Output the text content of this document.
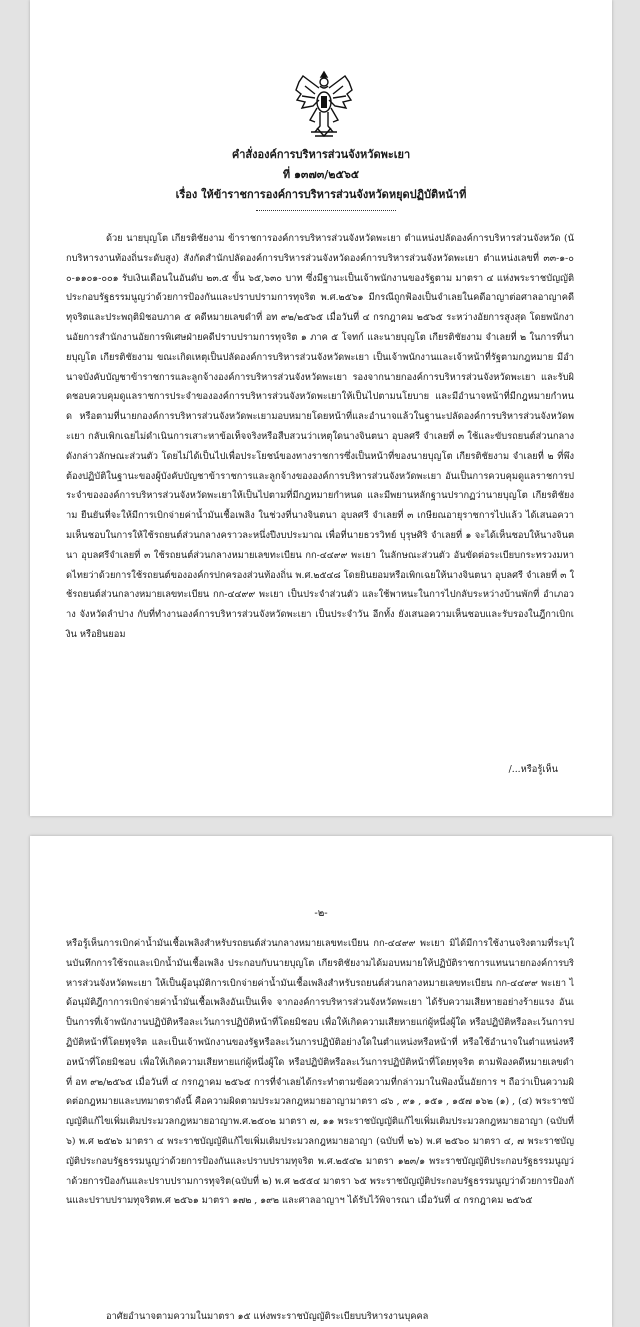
คำสั่งองค์การบริหารส่วนจังหวัดพะเยา
ที่ ๑๓๗๓/๒๕๖๕
เรื่อง ให้ข้าราชการองค์การบริหารส่วนจังหวัดหยุดปฏิบัติหน้าที่

ด้วย นายบุญโต เกียรติชัยงาม ข้าราชการองค์การบริหารส่วนจังหวัดพะเยา ตำแหน่งปลัดองค์การบริหารส่วนจังหวัด (นักบริหารงานท้องถิ่นระดับสูง) สังกัดสำนักปลัดองค์การบริหารส่วนจังหวัดองค์การบริหารส่วนจังหวัดพะเยา ตำแหน่งเลขที่ ๓๓-๑-๐๐-๑๑๐๑-๐๐๑ รับเงินเดือนในอันดับ ๒๓.๕ ขั้น ๖๕,๖๓๐ บาท ซึ่งมีฐานะเป็นเจ้าพนักงานของรัฐตาม มาตรา ๔ แห่งพระราชบัญญัติประกอบรัฐธรรมนูญว่าด้วยการป้องกันและปราบปรามการทุจริต พ.ศ.๒๕๖๑ มีกรณีถูกฟ้องเป็นจำเลยในคดีอาญาต่อศาลอาญาคดีทุจริตและประพฤติมิชอบภาค ๕ คดีหมายเลขดำที่ อท ๙๒/๒๕๖๕ เมื่อวันที่ ๔ กรกฎาคม ๒๕๖๕ ระหว่างอัยการสูงสุด โดยพนักงานอัยการสำนักงานอัยการพิเศษฝ่ายคดีปราบปรามการทุจริต ๑ ภาค ๕ โจทก์ และนายบุญโต เกียรติชัยงาม จำเลยที่ ๒ ในการที่นายบุญโต เกียรติชัยงาม ขณะเกิดเหตุเป็นปลัดองค์การบริหารส่วนจังหวัดพะเยา เป็นเจ้าพนักงานและเจ้าหน้าที่รัฐตามกฎหมาย มีอำนาจบังคับบัญชาข้าราชการและลูกจ้างองค์การบริหารส่วนจังหวัดพะเยา รองจากนายกองค์การบริหารส่วนจังหวัดพะเยา และรับผิดชอบควบคุมดูแลราชการประจำขององค์การบริหารส่วนจังหวัดพะเยาให้เป็นไปตามนโยบาย และมีอำนาจหน้าที่มีกฎหมายกำหนด หรือตามที่นายกองค์การบริหารส่วนจังหวัดพะเยามอบหมายโดยหน้าที่และอำนาจแล้วในฐานะปลัดองค์การบริหารส่วนจังหวัดพะเยา กลับเพิกเฉยไม่ดำเนินการเสาะหาข้อเท็จจริงหรือสืบสวนว่าเหตุใดนางจินตนา อุบลศรี จำเลยที่ ๓ ใช้และขับรถยนต์ส่วนกลางดังกล่าวลักษณะส่วนตัว โดยไม่ได้เป็นไปเพื่อประโยชน์ของทางราชการซึ่งเป็นหน้าที่ของนายบุญโต เกียรติชัยงาม จำเลยที่ ๒ ที่พึงต้องปฏิบัติในฐานะของผู้บังคับบัญชาข้าราชการและลูกจ้างขององค์การบริหารส่วนจังหวัดพะเยา อันเป็นการควบคุมดูแลราชการประจำขององค์การบริหารส่วนจังหวัดพะเยาให้เป็นไปตามที่มีกฎหมายกำหนด และมีพยานหลักฐานปรากฏว่านายบุญโต เกียรติชัยงาม ยืนยันที่จะให้มีการเบิกจ่ายค่าน้ำมันเชื้อเพลิง ในช่วงที่นางจินตนา อุบลศรี จำเลยที่ ๓ เกษียณอายุราชการไปแล้ว ได้เสนอความเห็นชอบในการให้ใช้รถยนต์ส่วนกลางคราวละหนึ่งปีงบประมาณ เพื่อที่นายธวรวิทย์ บุรุษศิริ จำเลยที่ ๑ จะได้เห็นชอบให้นางจินตนา อุบลศรีจำเลยที่ ๓ ใช้รถยนต์ส่วนกลางหมายเลขทะเบียน กก-๔๔๙๙ พะเยา ในลักษณะส่วนตัว อันขัดต่อระเบียบกระทรวงมหาดไทยว่าด้วยการใช้รถยนต์ขององค์กรปกครองส่วนท้องถิ่น พ.ศ.๒๕๔๘ โดยยินยอมหรือเพิกเฉยให้นางจินตนา อุบลศรี จำเลยที่ ๓ ใช้รถยนต์ส่วนกลางหมายเลขทะเบียน กก-๔๔๙๙ พะเยา เป็นประจำส่วนตัว และใช้พาหนะในการไปกลับระหว่างบ้านพักที่ อำเภอวาง จังหวัดลำปาง กับที่ทำงานองค์การบริหารส่วนจังหวัดพะเยา เป็นประจำวัน อีกทั้ง ยังเสนอความเห็นชอบและรับรองในฎีกาเบิกเงิน หรือยินยอม

/...หรือรู้เห็น
-๒-

หรือรู้เห็นการเบิกค่าน้ำมันเชื้อเพลิงสำหรับรถยนต์ส่วนกลางหมายเลขทะเบียน กก-๔๔๙๙ พะเยา มิได้มีการใช้งานจริงตามที่ระบุในบันทึกการใช้รถและเบิกน้ำมันเชื้อเพลิง ประกอบกับนายบุญโต เกียรติชัยงามได้มอบหมายให้ปฏิบัติราชการแทนนายกองค์การบริหารส่วนจังหวัดพะเยา ให้เป็นผู้อนุมัติการเบิกจ่ายค่าน้ำมันเชื้อเพลิงสำหรับรถยนต์ส่วนกลางหมายเลขทะเบียน กก-๔๔๙๙ พะเยา ได้อนุมัติฎีกาการเบิกจ่ายค่าน้ำมันเชื้อเพลิงอันเป็นเท็จ จากองค์การบริหารส่วนจังหวัดพะเยา ได้รับความเสียหายอย่างร้ายแรง อันเป็นการที่เจ้าพนักงานปฏิบัติหรือละเว้นการปฏิบัติหน้าที่โดยมิชอบ เพื่อให้เกิดความเสียหายแก่ผู้หนึ่งผู้ใด หรือปฏิบัติหรือละเว้นการปฏิบัติหน้าที่โดยทุจริต และเป็นเจ้าพนักงานของรัฐหรือละเว้นการปฏิบัติอย่างใดในตำแหน่งหรือหน้าที่ หรือใช้อำนาจในตำแหน่งหรือหน้าที่โดยมิชอบ เพื่อให้เกิดความเสียหายแก่ผู้หนึ่งผู้ใด หรือปฏิบัติหรือละเว้นการปฏิบัติหน้าที่โดยทุจริต ตามฟ้องคดีหมายเลขดำที่ อท ๙๒/๒๕๖๕ เมื่อวันที่ ๔ กรกฎาคม ๒๕๖๕ การที่จำเลยได้กระทำตามข้อความที่กล่าวมาในฟ้องนั้นอัยการ ฯ ถือว่าเป็นความผิดต่อกฎหมายและบทมาตราดังนี้ คือความผิดตามประมวลกฎหมายอาญามาตรา ๘๖ , ๙๑ , ๑๕๑ , ๑๕๗ ๑๖๒ (๑) , (๔) พระราชบัญญัติแก้ไขเพิ่มเติมประมวลกฎหมายอาญาพ.ศ.๒๕๐๒ มาตรา ๗, ๑๑ พระราชบัญญัติแก้ไขเพิ่มเติมประมวลกฎหมายอาญา (ฉบับที่ ๖) พ.ศ ๒๕๒๖ มาตรา ๔ พระราชบัญญัติแก้ไขเพิ่มเติมประมวลกฎหมายอาญา (ฉบับที่ ๒๖) พ.ศ ๒๕๖๐ มาตรา ๔, ๗ พระราชบัญญัติประกอบรัฐธรรมนูญว่าด้วยการป้องกันและปราบปรามทุจริต พ.ศ.๒๕๔๒ มาตรา ๑๒๓/๑ พระราชบัญญัติประกอบรัฐธรรมนูญว่าด้วยการป้องกันและปราบปรามการทุจริต(ฉบับที่ ๒) พ.ศ ๒๕๕๔ มาตรา ๖๕ พระราชบัญญัติประกอบรัฐธรรมนูญว่าด้วยการป้องกันและปราบปรามทุจริตพ.ศ ๒๕๖๑ มาตรา ๑๗๒ , ๑๙๒ และศาลอาญาฯ ได้รับไว้พิจารณา เมื่อวันที่ ๔ กรกฎาคม ๒๕๖๕

อาศัยอำนาจตามความในมาตรา ๑๕ แห่งพระราชบัญญัติระเบียบบริหารงานบุคคล
